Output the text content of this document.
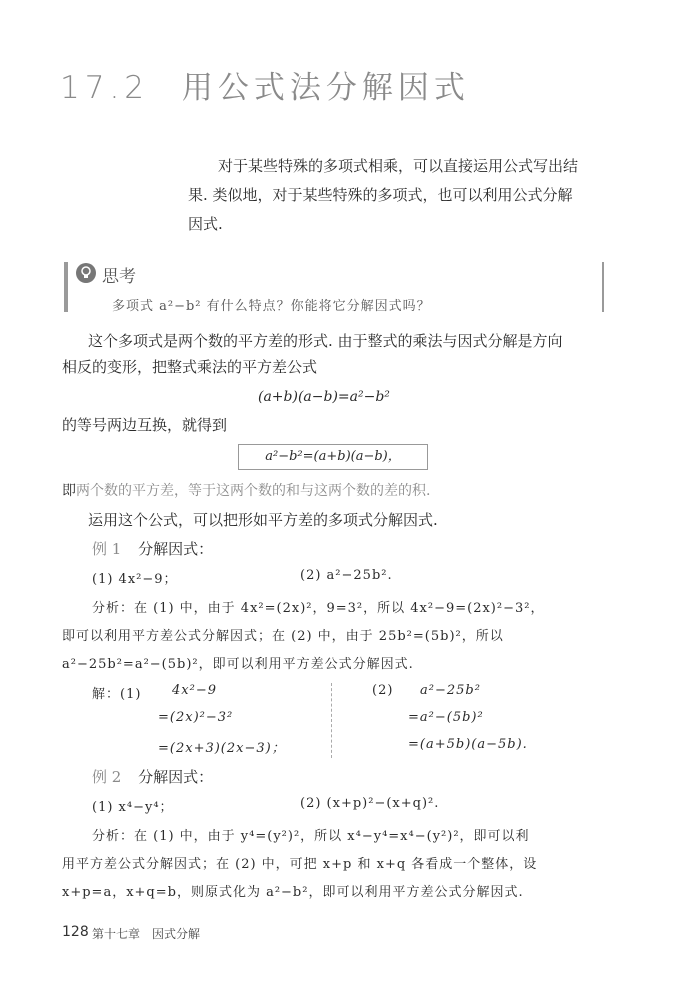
17.2 用公式法分解因式
对于某些特殊的多项式相乘，可以直接运用公式写出结
果. 类似地，对于某些特殊的多项式，也可以利用公式分解
因式.
思考
多项式 a²−b² 有什么特点？你能将它分解因式吗？
这个多项式是两个数的平方差的形式. 由于整式的乘法与因式分解是方向
相反的变形，把整式乘法的平方差公式
(a+b)(a−b)=a²−b²
的等号两边互换，就得到
a²−b²=(a+b)(a−b)，
即两个数的平方差，等于这两个数的和与这两个数的差的积.
运用这个公式，可以把形如平方差的多项式分解因式.
例 1 分解因式：
(1) 4x²−9；	(2) a²−25b².
分析：在 (1) 中，由于 4x²=(2x)²，9=3²，所以 4x²−9=(2x)²−3²，
即可以利用平方差公式分解因式；在 (2) 中，由于 25b²=(5b)²，所以
a²−25b²=a²−(5b)²，即可以利用平方差公式分解因式.
解：(1) 4x²−9
=(2x)²−3²
=(2x+3)(2x−3)；
(2) a²−25b²
=a²−(5b)²
=(a+5b)(a−5b).
例 2 分解因式：
(1) x⁴−y⁴；	(2) (x+p)²−(x+q)².
分析：在 (1) 中，由于 y⁴=(y²)²，所以 x⁴−y⁴=x⁴−(y²)²，即可以利
用平方差公式分解因式；在 (2) 中，可把 x+p 和 x+q 各看成一个整体，设
x+p=a，x+q=b，则原式化为 a²−b²，即可以利用平方差公式分解因式.
128 第十七章　因式分解
